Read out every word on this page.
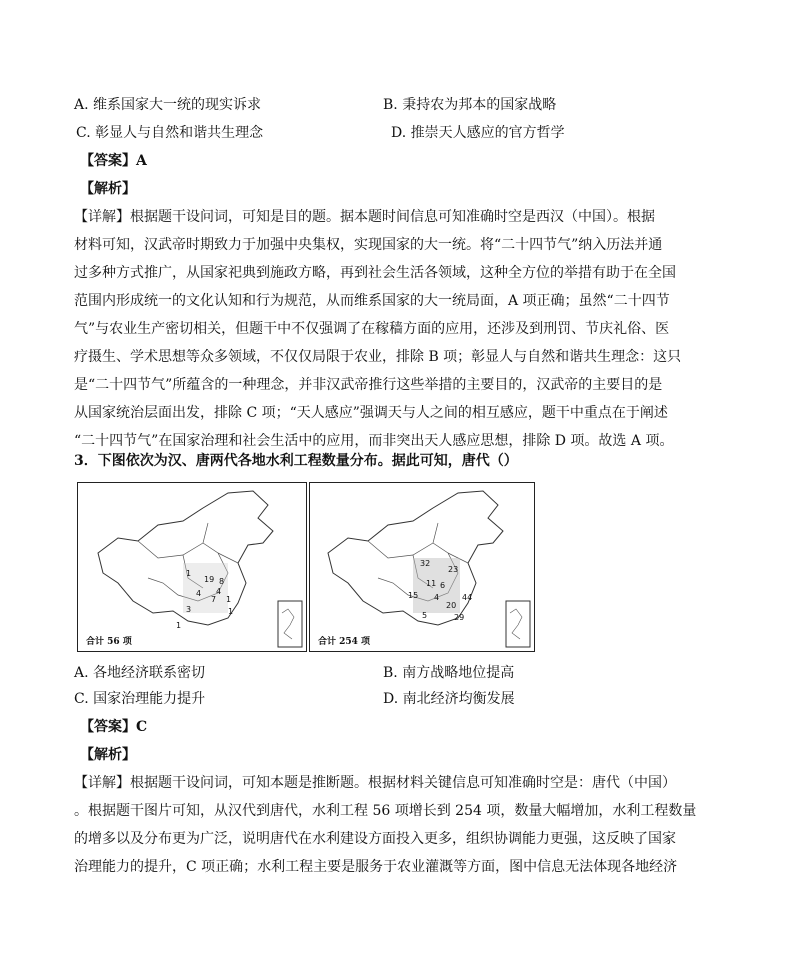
A. 维系国家大一统的现实诉求	B. 秉持农为邦本的国家战略
C. 彰显人与自然和谐共生理念	D. 推崇天人感应的官方哲学
【答案】A
【解析】
【详解】根据题干设问词，可知是目的题。据本题时间信息可知准确时空是西汉（中国）。根据
材料可知，汉武帝时期致力于加强中央集权，实现国家的大一统。将“二十四节气”纳入历法并通
过多种方式推广，从国家祀典到施政方略，再到社会生活各领域，这种全方位的举措有助于在全国
范围内形成统一的文化认知和行为规范，从而维系国家的大一统局面，A 项正确；虽然“二十四节
气”与农业生产密切相关，但题干中不仅强调了在稼穑方面的应用，还涉及到刑罚、节庆礼俗、医
疗摄生、学术思想等众多领域，不仅仅局限于农业，排除 B 项；彰显人与自然和谐共生理念：这只
是“二十四节气”所蕴含的一种理念，并非汉武帝推行这些举措的主要目的，汉武帝的主要目的是
从国家统治层面出发，排除 C 项；“天人感应”强调天与人之间的相互感应，题干中重点在于阐述
“二十四节气”在国家治理和社会生活中的应用，而非突出天人感应思想，排除 D 项。故选 A 项。
3．下图依次为汉、唐两代各地水利工程数量分布。据此可知，唐代（）
1
19 8
4
7 1
3	1
4
1
合计 56 项
32
11
23
15 4
20
44
29
5
6
合计 254 项
A. 各地经济联系密切	B. 南方战略地位提高
C. 国家治理能力提升	D. 南北经济均衡发展
【答案】C
【解析】
【详解】根据题干设问词，可知本题是推断题。根据材料关键信息可知准确时空是：唐代（中国）
。根据题干图片可知，从汉代到唐代，水利工程 56 项增长到 254 项，数量大幅增加，水利工程数量
的增多以及分布更为广泛，说明唐代在水利建设方面投入更多，组织协调能力更强，这反映了国家
治理能力的提升，C 项正确；水利工程主要是服务于农业灌溉等方面，图中信息无法体现各地经济
